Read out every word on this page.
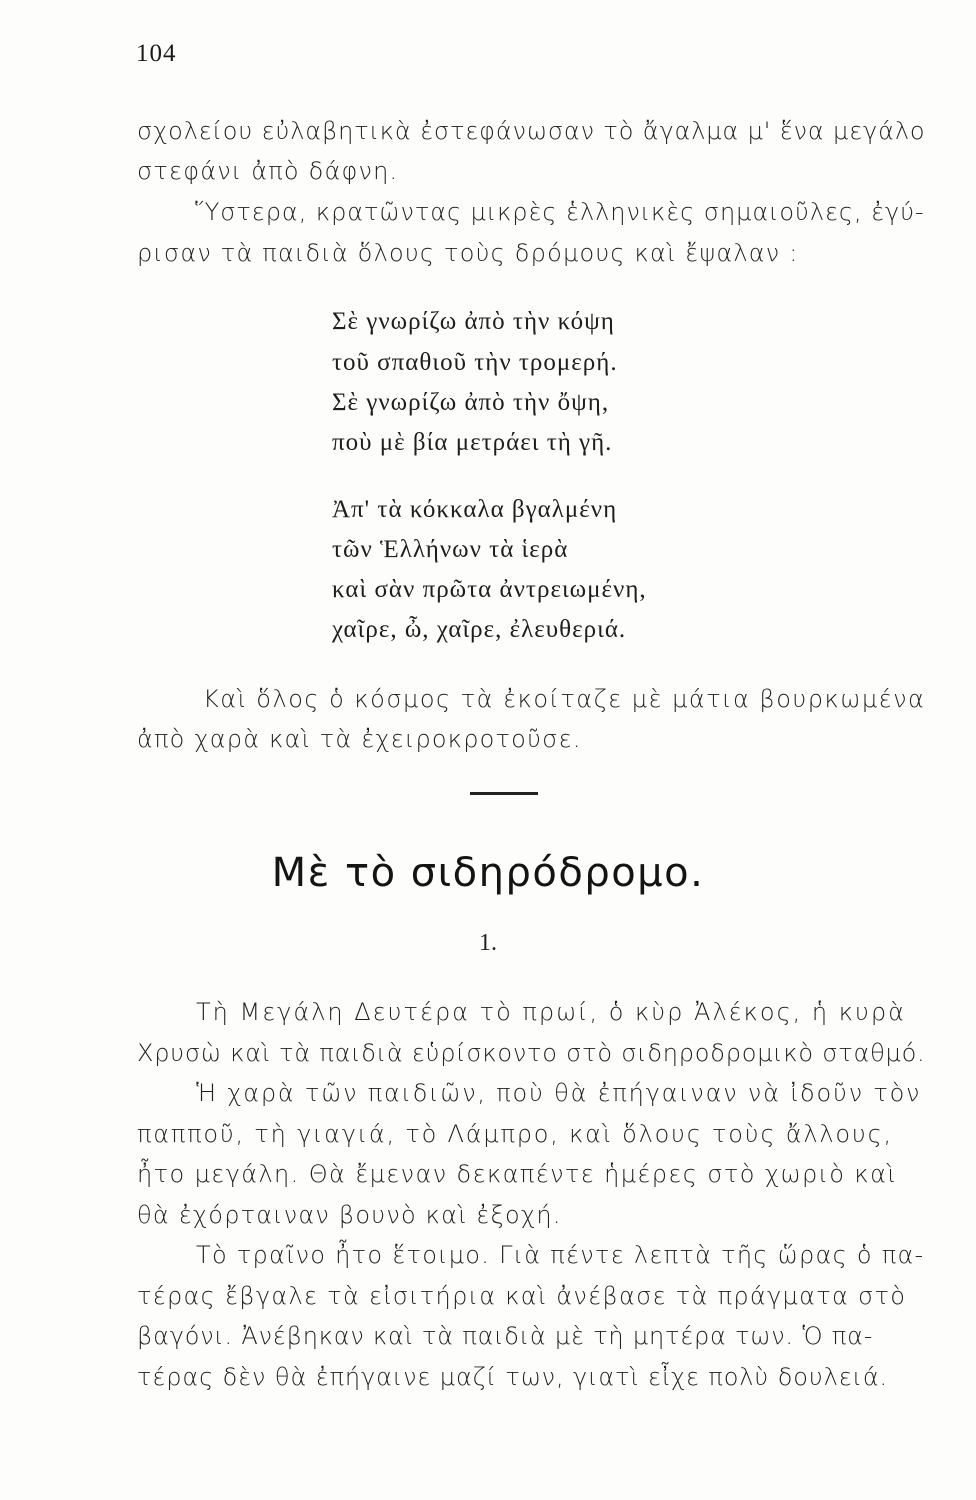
104
σχολείου εὐλαβητικὰ ἐστεφάνωσαν τὸ ἄγαλμα μ' ἕνα μεγάλο
στεφάνι ἀπὸ δάφνη.
Ὕστερα, κρατῶντας μικρὲς ἑλληνικὲς σημαιοῦλες, ἐγύ-
ρισαν τὰ παιδιὰ ὅλους τοὺς δρόμους καὶ ἔψαλαν :
Σὲ γνωρίζω ἀπὸ τὴν κόψη
τοῦ σπαθιοῦ τὴν τρομερή.
Σὲ γνωρίζω ἀπὸ τὴν ὄψη,
ποὺ μὲ βία μετράει τὴ γῆ.
Ἀπ' τὰ κόκκαλα βγαλμένη
τῶν Ἑλλήνων τὰ ἱερὰ
καὶ σὰν πρῶτα ἀντρειωμένη,
χαῖρε, ὦ, χαῖρε, ἐλευθεριά.
Καὶ ὅλος ὁ κόσμος τὰ ἐκοίταζε μὲ μάτια βουρκωμένα
ἀπὸ χαρὰ καὶ τὰ ἐχειροκροτοῦσε.
Μὲ τὸ σιδηρόδρομο.
1.
Τὴ Μεγάλη Δευτέρα τὸ πρωί, ὁ κὺρ Ἀλέκος, ἡ κυρὰ
Χρυσὼ καὶ τὰ παιδιὰ εὑρίσκοντο στὸ σιδηροδρομικὸ σταθμό.
Ἡ χαρὰ τῶν παιδιῶν, ποὺ θὰ ἐπήγαιναν νὰ ἰδοῦν τὸν
παπποῦ, τὴ γιαγιά, τὸ Λάμπρο, καὶ ὅλους τοὺς ἄλλους,
ἦτο μεγάλη. Θὰ ἔμεναν δεκαπέντε ἡμέρες στὸ χωριὸ καὶ
θὰ ἐχόρταιναν βουνὸ καὶ ἐξοχή.
Τὸ τραῖνο ἦτο ἕτοιμο. Γιὰ πέντε λεπτὰ τῆς ὥρας ὁ πα-
τέρας ἔβγαλε τὰ εἰσιτήρια καὶ ἀνέβασε τὰ πράγματα στὸ
βαγόνι. Ἀνέβηκαν καὶ τὰ παιδιὰ μὲ τὴ μητέρα των. Ὁ πα-
τέρας δὲν θὰ ἐπήγαινε μαζί των, γιατὶ εἶχε πολὺ δουλειά.
